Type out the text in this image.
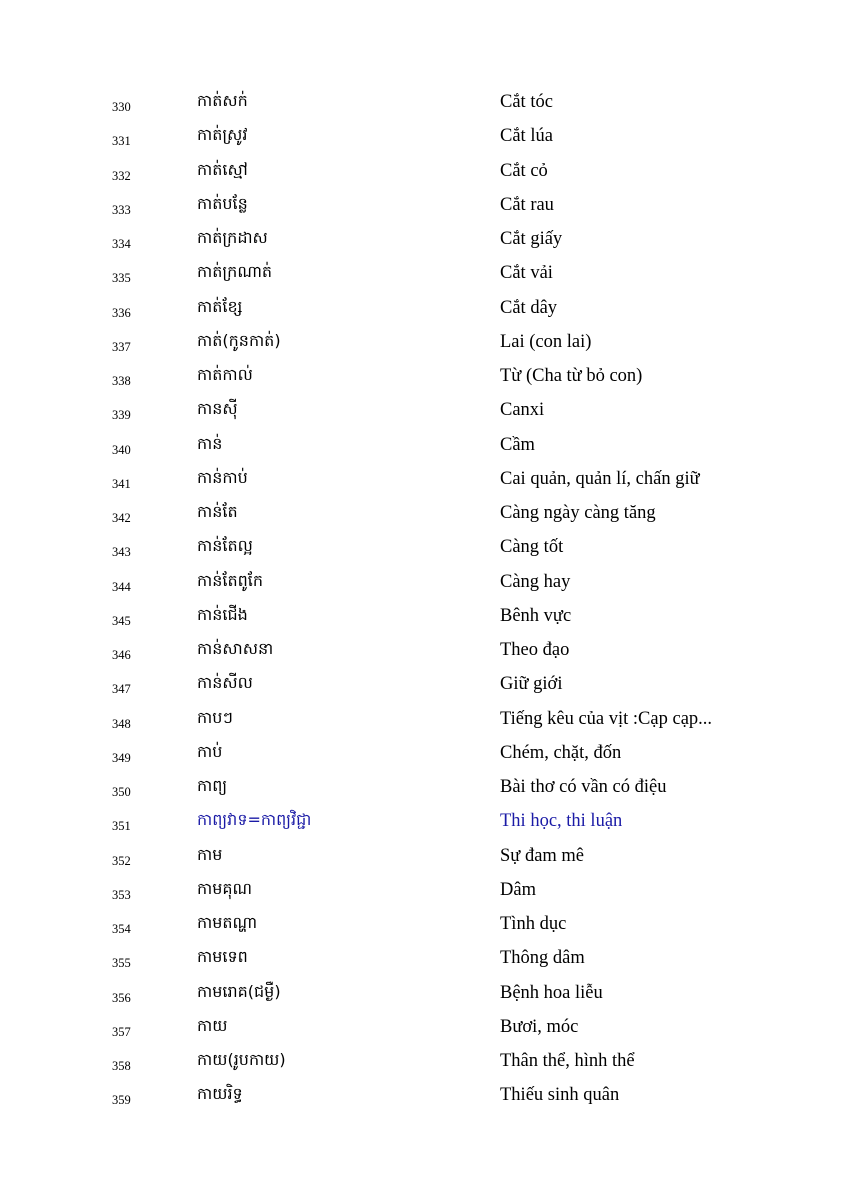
330	កាត់សក់	Cắt tóc
331	កាត់ស្រូវ	Cắt lúa
332	កាត់ស្មៅ	Cắt cỏ
333	កាត់បន្លែ	Cắt rau
334	កាត់ក្រដាស	Cắt giấy
335	កាត់ក្រណាត់	Cắt vải
336	កាត់ខ្សែ	Cắt dây
337	កាត់(កូនកាត់)	Lai (con lai)
338	កាត់កាល់	Từ (Cha từ bỏ con)
339	កានស៊ី	Canxi
340	កាន់	Cầm
341	កាន់កាប់	Cai quản, quản lí, chấn giữ
342	កាន់តែ	Càng ngày càng tăng
343	កាន់តែល្អ	Càng tốt
344	កាន់តែពូកែ	Càng hay
345	កាន់ជើង	Bênh vực
346	កាន់សាសនា	Theo đạo
347	កាន់សីល	Giữ giới
348	កាបៗ	Tiếng kêu của vịt :Cạp cạp...
349	កាប់	Chém, chặt, đốn
350	កាព្យ	Bài thơ có vần có điệu
351	កាព្យវាទ=កាព្យវិជ្ជា	Thi học, thi luận
352	កាម	Sự đam mê
353	កាមគុណ	Dâm
354	កាមតណ្ហា	Tình dục
355	កាមទេព	Thông dâm
356	កាមរោគ(ជម្ងឺ)	Bệnh hoa liễu
357	កាយ	Bươi, móc
358	កាយ(រូបកាយ)	Thân thể, hình thể
359	កាយរិទ្ធ	Thiếu sinh quân
